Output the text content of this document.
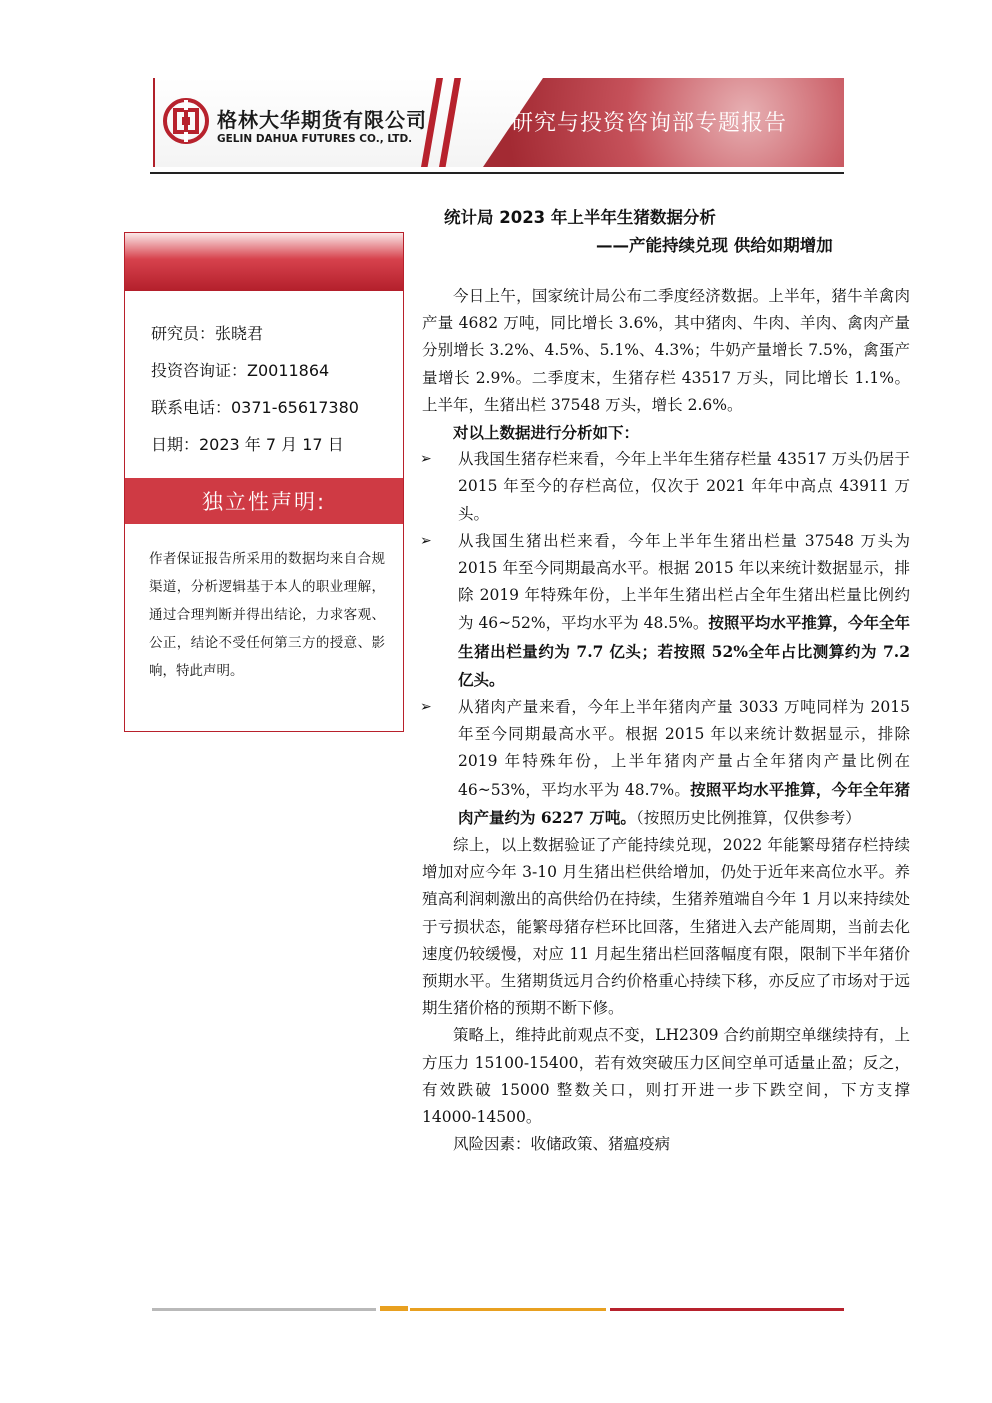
格林大华期货有限公司
GELIN DAHUA FUTURES CO., LTD.
研究与投资咨询部专题报告
研究员：张晓君
投资咨询证：Z0011864
联系电话：0371-65617380
日期：2023 年 7 月 17 日
独立性声明:
作者保证报告所采用的数据均来自合规渠道，分析逻辑基于本人的职业理解，通过合理判断并得出结论，力求客观、公正，结论不受任何第三方的授意、影响，特此声明。
统计局 2023 年上半年生猪数据分析
——产能持续兑现 供给如期增加

今日上午，国家统计局公布二季度经济数据。上半年，猪牛羊禽肉产量 4682 万吨，同比增长 3.6%，其中猪肉、牛肉、羊肉、禽肉产量分别增长 3.2%、4.5%、5.1%、4.3%；牛奶产量增长 7.5%，禽蛋产量增长 2.9%。二季度末，生猪存栏 43517 万头，同比增长 1.1%。上半年，生猪出栏 37548 万头，增长 2.6%。

对以上数据进行分析如下：

➢ 从我国生猪存栏来看，今年上半年生猪存栏量 43517 万头仍居于 2015 年至今的存栏高位，仅次于 2021 年年中高点 43911 万头。

➢ 从我国生猪出栏来看，今年上半年生猪出栏量 37548 万头为 2015 年至今同期最高水平。根据 2015 年以来统计数据显示，排除 2019 年特殊年份，上半年生猪出栏占全年生猪出栏量比例约为 46~52%，平均水平为 48.5%。按照平均水平推算，今年全年生猪出栏量约为 7.7 亿头；若按照 52%全年占比测算约为 7.2 亿头。

➢ 从猪肉产量来看，今年上半年猪肉产量 3033 万吨同样为 2015 年至今同期最高水平。根据 2015 年以来统计数据显示，排除 2019 年特殊年份，上半年猪肉产量占全年猪肉产量比例在 46~53%，平均水平为 48.7%。按照平均水平推算，今年全年猪肉产量约为 6227 万吨。（按照历史比例推算，仅供参考）

综上，以上数据验证了产能持续兑现，2022 年能繁母猪存栏持续增加对应今年 3-10 月生猪出栏供给增加，仍处于近年来高位水平。养殖高利润刺激出的高供给仍在持续，生猪养殖端自今年 1 月以来持续处于亏损状态，能繁母猪存栏环比回落，生猪进入去产能周期，当前去化速度仍较缓慢，对应 11 月起生猪出栏回落幅度有限，限制下半年猪价预期水平。生猪期货远月合约价格重心持续下移，亦反应了市场对于远期生猪价格的预期不断下修。

策略上，维持此前观点不变，LH2309 合约前期空单继续持有，上方压力 15100-15400，若有效突破压力区间空单可适量止盈；反之，有效跌破 15000 整数关口，则打开进一步下跌空间，下方支撑 14000-14500。

风险因素：收储政策、猪瘟疫病
